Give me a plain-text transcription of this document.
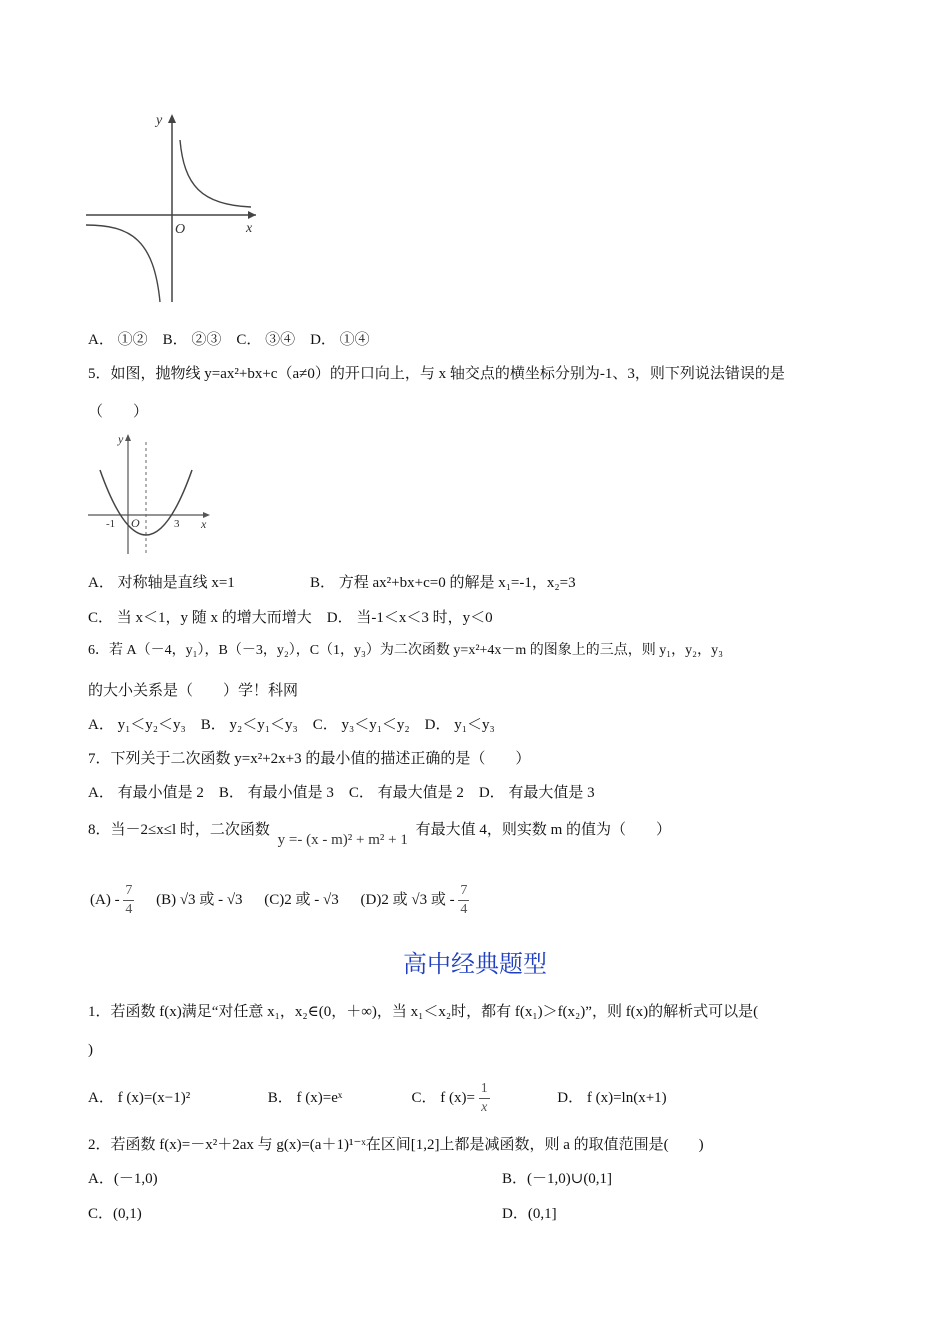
y
x
O
A． ①②　B． ②③　C． ③④　D． ①④
5．如图，抛物线 y=ax²+bx+c（a≠0）的开口向上，与 x 轴交点的横坐标分别为-1、3，则下列说法错误的是
（　　）
y
x
O
-1	3
A． 对称轴是直线 x=1	B． 方程 ax²+bx+c=0 的解是 x₁=-1，x₂=3
C． 当 x＜1，y 随 x 的增大而增大　D． 当-1＜x＜3 时，y＜0
6．若 A（－4，y₁），B（－3，y₂），C（1，y₃）为二次函数 y=x²+4x－m 的图象上的三点，则 y₁，y₂，y₃
的大小关系是（　　）学！科网
A． y₁＜y₂＜y₃　B． y₂＜y₁＜y₃　C． y₃＜y₁＜y₂　D． y₁＜y₃
7．下列关于二次函数 y=x²+2x+3 的最小值的描述正确的是（　　）
A． 有最小值是 2　B． 有最小值是 3　C． 有最大值是 2　D． 有最大值是 3
8．当－2≤x≤l 时，二次函数 y =- (x - m)² + m² + 1 有最大值 4，则实数 m 的值为（　　）
$(A) - \frac{7}{4} (B)$ √3 或 - √3 (C)2 或 - √3 (D)2 或 √3 或 - $\frac{7}{4}$
高中经典题型
1．若函数 f(x)满足“对任意 x₁，x₂∈(0，＋∞)，当 x₁＜x₂时，都有 f(x₁)＞f(x₂)”，则 f(x)的解析式可以是(
)
A． f (x)=(x−1)²	B． f (x)=eˣ	C． f $(x)= \frac{1}{x}$	D． f (x)=ln(x+1)
2．若函数 f(x)=－x²＋2ax 与 g(x)=(a＋1)¹⁻ˣ在区间[1,2]上都是减函数，则 a 的取值范围是(　　)
A．(－1,0)	B．(－1,0)∪(0,1]
C．(0,1)	D．(0,1]
